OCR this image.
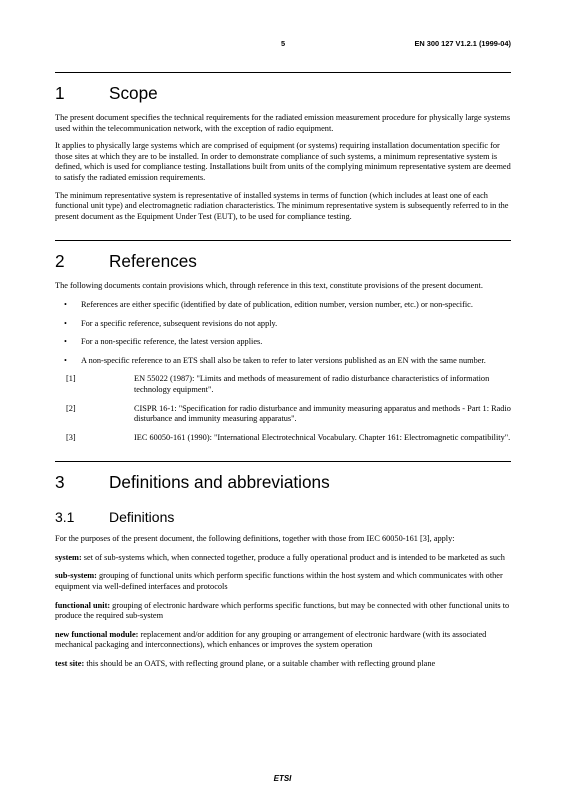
5	EN 300 127 V1.2.1 (1999-04)
1	Scope

The present document specifies the technical requirements for the radiated emission measurement procedure for physically large systems used within the telecommunication network, with the exception of radio equipment.

It applies to physically large systems which are comprised of equipment (or systems) requiring installation documentation specific for those sites at which they are to be installed. In order to demonstrate compliance of such systems, a minimum representative system is defined, which is used for compliance testing. Installations built from units of the complying minimum representative system are deemed to satisfy the radiated emission requirements.

The minimum representative system is representative of installed systems in terms of function (which includes at least one of each functional unit type) and electromagnetic radiation characteristics. The minimum representative system is subsequently referred to in the present document as the Equipment Under Test (EUT), to be used for compliance testing.

2	References

The following documents contain provisions which, through reference in this text, constitute provisions of the present document.

• References are either specific (identified by date of publication, edition number, version number, etc.) or non-specific.
• For a specific reference, subsequent revisions do not apply.
• For a non-specific reference, the latest version applies.
• A non-specific reference to an ETS shall also be taken to refer to later versions published as an EN with the same number.
[1]	EN 55022 (1987): "Limits and methods of measurement of radio disturbance characteristics of information technology equipment".
[2]	CISPR 16-1: "Specification for radio disturbance and immunity measuring apparatus and methods - Part 1: Radio disturbance and immunity measuring apparatus".
[3]	IEC 60050-161 (1990): "International Electrotechnical Vocabulary. Chapter 161: Electromagnetic compatibility".
3	Definitions and abbreviations
3.1	Definitions

For the purposes of the present document, the following definitions, together with those from IEC 60050-161 [3], apply:

system: set of sub-systems which, when connected together, produce a fully operational product and is intended to be marketed as such

sub-system: grouping of functional units which perform specific functions within the host system and which communicates with other equipment via well-defined interfaces and protocols

functional unit: grouping of electronic hardware which performs specific functions, but may be connected with other functional units to produce the required sub-system

new functional module: replacement and/or addition for any grouping or arrangement of electronic hardware (with its associated mechanical packaging and interconnections), which enhances or improves the system operation

test site: this should be an OATS, with reflecting ground plane, or a suitable chamber with reflecting ground plane

ETSI
